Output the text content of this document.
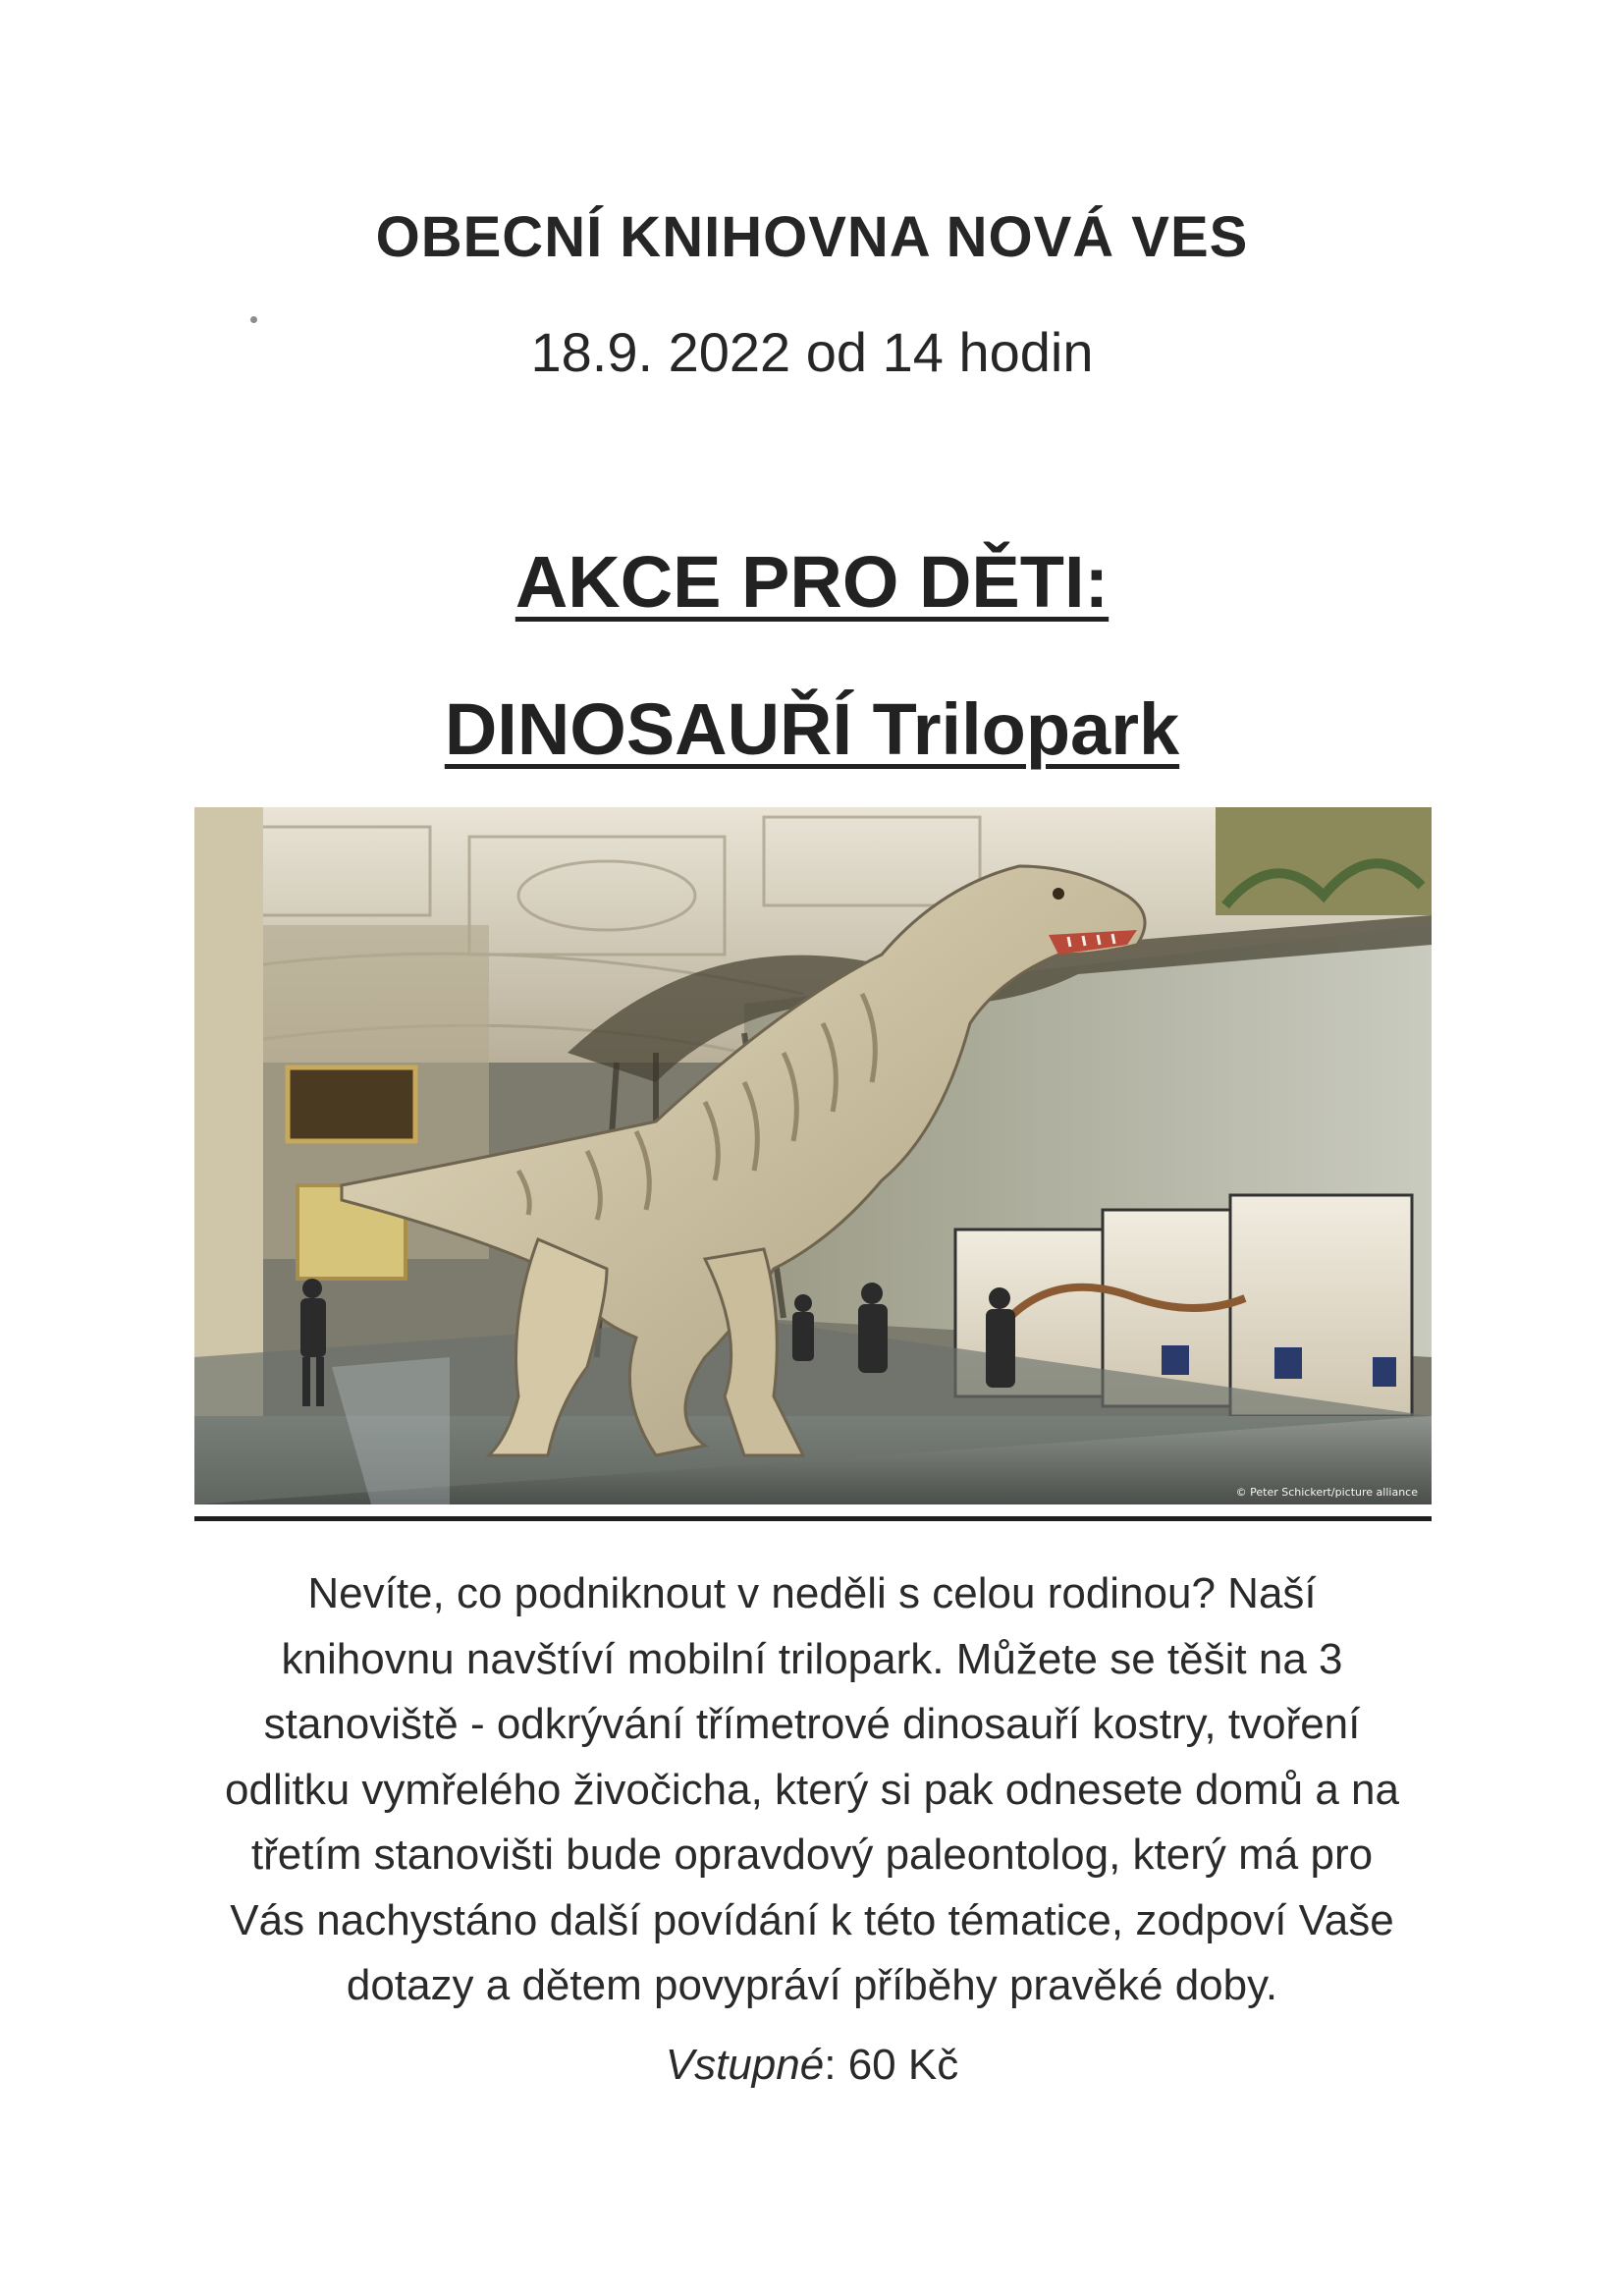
OBECNÍ KNIHOVNA NOVÁ VES
18.9. 2022 od 14 hodin
AKCE PRO DĚTI:
DINOSAUŘÍ Trilopark
© Peter Schickert/picture alliance
Nevíte, co podniknout v neděli s celou rodinou? Naší
knihovnu navštíví mobilní trilopark. Můžete se těšit na 3
stanoviště - odkrývání třímetrové dinosauří kostry, tvoření
odlitku vymřelého živočicha, který si pak odnesete domů a na
třetím stanovišti bude opravdový paleontolog, který má pro
Vás nachystáno další povídání k této tématice, zodpoví Vaše
dotazy a dětem povypráví příběhy pravěké doby.
Vstupné: 60 Kč
